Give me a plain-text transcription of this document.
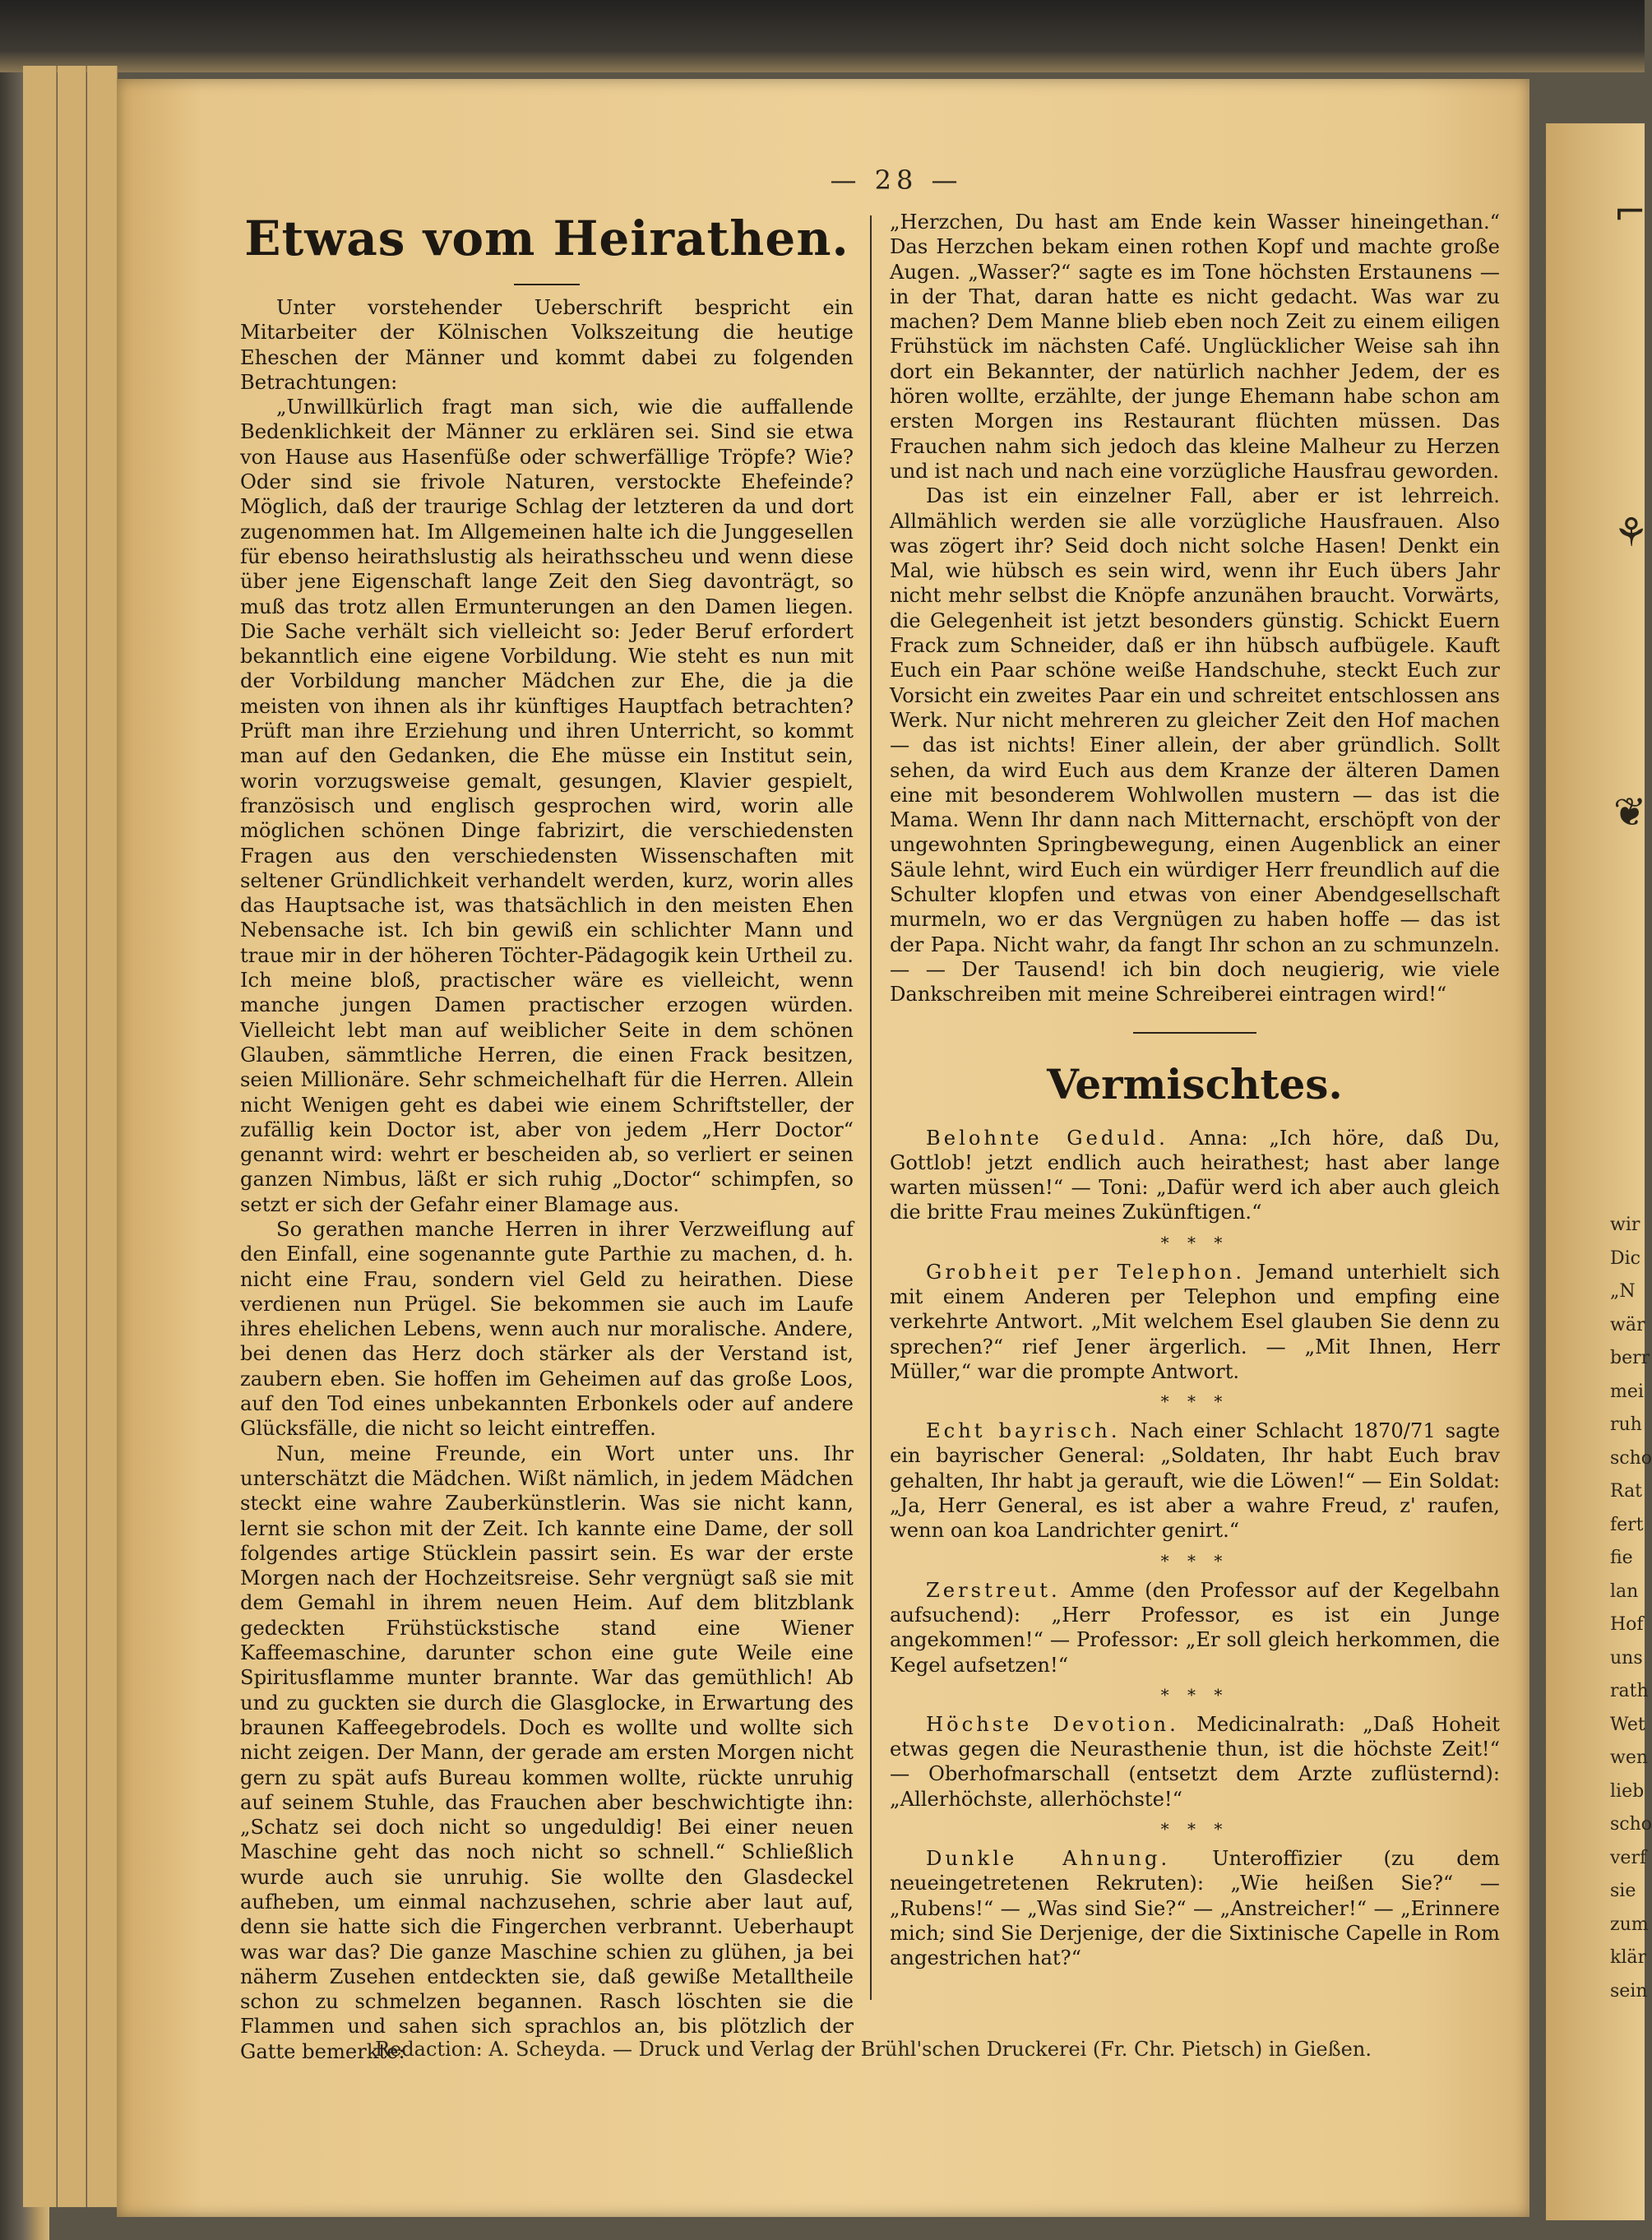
⌐
⚘
❦
— 28 —
Etwas vom Heirathen.

Unter vorstehender Ueberschrift bespricht ein Mitarbeiter der Kölnischen Volkszeitung die heutige Eheschen der Männer und kommt dabei zu folgenden Betrachtungen:

„Unwillkürlich fragt man sich, wie die auffallende Bedenklichkeit der Männer zu erklären sei. Sind sie etwa von Hause aus Hasenfüße oder schwerfällige Tröpfe? Wie? Oder sind sie frivole Naturen, verstockte Ehefeinde? Möglich, daß der traurige Schlag der letzteren da und dort zugenommen hat. Im Allgemeinen halte ich die Junggesellen für ebenso heirathslustig als heirathsscheu und wenn diese über jene Eigenschaft lange Zeit den Sieg davonträgt, so muß das trotz allen Ermunterungen an den Damen liegen. Die Sache verhält sich vielleicht so: Jeder Beruf erfordert bekanntlich eine eigene Vorbildung. Wie steht es nun mit der Vorbildung mancher Mädchen zur Ehe, die ja die meisten von ihnen als ihr künftiges Hauptfach betrachten? Prüft man ihre Erziehung und ihren Unterricht, so kommt man auf den Gedanken, die Ehe müsse ein Institut sein, worin vorzugsweise gemalt, gesungen, Klavier gespielt, französisch und englisch gesprochen wird, worin alle möglichen schönen Dinge fabrizirt, die verschiedensten Fragen aus den verschiedensten Wissenschaften mit seltener Gründlichkeit verhandelt werden, kurz, worin alles das Hauptsache ist, was thatsächlich in den meisten Ehen Nebensache ist. Ich bin gewiß ein schlichter Mann und traue mir in der höheren Töchter-Pädagogik kein Urtheil zu. Ich meine bloß, practischer wäre es vielleicht, wenn manche jungen Damen practischer erzogen würden. Vielleicht lebt man auf weiblicher Seite in dem schönen Glauben, sämmtliche Herren, die einen Frack besitzen, seien Millionäre. Sehr schmeichelhaft für die Herren. Allein nicht Wenigen geht es dabei wie einem Schriftsteller, der zufällig kein Doctor ist, aber von jedem „Herr Doctor“ genannt wird: wehrt er bescheiden ab, so verliert er seinen ganzen Nimbus, läßt er sich ruhig „Doctor“ schimpfen, so setzt er sich der Gefahr einer Blamage aus.

So gerathen manche Herren in ihrer Verzweiflung auf den Einfall, eine sogenannte gute Parthie zu machen, d. h. nicht eine Frau, sondern viel Geld zu heirathen. Diese verdienen nun Prügel. Sie bekommen sie auch im Laufe ihres ehelichen Lebens, wenn auch nur moralische. Andere, bei denen das Herz doch stärker als der Verstand ist, zaubern eben. Sie hoffen im Geheimen auf das große Loos, auf den Tod eines unbekannten Erbonkels oder auf andere Glücksfälle, die nicht so leicht eintreffen.

Nun, meine Freunde, ein Wort unter uns. Ihr unterschätzt die Mädchen. Wißt nämlich, in jedem Mädchen steckt eine wahre Zauberkünstlerin. Was sie nicht kann, lernt sie schon mit der Zeit. Ich kannte eine Dame, der soll folgendes artige Stücklein passirt sein. Es war der erste Morgen nach der Hochzeitsreise. Sehr vergnügt saß sie mit dem Gemahl in ihrem neuen Heim. Auf dem blitzblank gedeckten Frühstückstische stand eine Wiener Kaffeemaschine, darunter schon eine gute Weile eine Spiritusflamme munter brannte. War das gemüthlich! Ab und zu guckten sie durch die Glasglocke, in Erwartung des braunen Kaffeegebrodels. Doch es wollte und wollte sich nicht zeigen. Der Mann, der gerade am ersten Morgen nicht gern zu spät aufs Bureau kommen wollte, rückte unruhig auf seinem Stuhle, das Frauchen aber beschwichtigte ihn: „Schatz sei doch nicht so ungeduldig! Bei einer neuen Maschine geht das noch nicht so schnell.“ Schließlich wurde auch sie unruhig. Sie wollte den Glasdeckel aufheben, um einmal nachzusehen, schrie aber laut auf, denn sie hatte sich die Fingerchen verbrannt. Ueberhaupt was war das? Die ganze Maschine schien zu glühen, ja bei näherm Zusehen entdeckten sie, daß gewiße Metalltheile schon zu schmelzen begannen. Rasch löschten sie die Flammen und sahen sich sprachlos an, bis plötzlich der Gatte bemerkte:

„Herzchen, Du hast am Ende kein Wasser hineingethan.“ Das Herzchen bekam einen rothen Kopf und machte große Augen. „Wasser?“ sagte es im Tone höchsten Erstaunens — in der That, daran hatte es nicht gedacht. Was war zu machen? Dem Manne blieb eben noch Zeit zu einem eiligen Frühstück im nächsten Café. Unglücklicher Weise sah ihn dort ein Bekannter, der natürlich nachher Jedem, der es hören wollte, erzählte, der junge Ehemann habe schon am ersten Morgen ins Restaurant flüchten müssen. Das Frauchen nahm sich jedoch das kleine Malheur zu Herzen und ist nach und nach eine vorzügliche Hausfrau geworden.

Das ist ein einzelner Fall, aber er ist lehrreich. Allmählich werden sie alle vorzügliche Hausfrauen. Also was zögert ihr? Seid doch nicht solche Hasen! Denkt ein Mal, wie hübsch es sein wird, wenn ihr Euch übers Jahr nicht mehr selbst die Knöpfe anzunähen braucht. Vorwärts, die Gelegenheit ist jetzt besonders günstig. Schickt Euern Frack zum Schneider, daß er ihn hübsch aufbügele. Kauft Euch ein Paar schöne weiße Handschuhe, steckt Euch zur Vorsicht ein zweites Paar ein und schreitet entschlossen ans Werk. Nur nicht mehreren zu gleicher Zeit den Hof machen — das ist nichts! Einer allein, der aber gründlich. Sollt sehen, da wird Euch aus dem Kranze der älteren Damen eine mit besonderem Wohlwollen mustern — das ist die Mama. Wenn Ihr dann nach Mitternacht, erschöpft von der ungewohnten Springbewegung, einen Augenblick an einer Säule lehnt, wird Euch ein würdiger Herr freundlich auf die Schulter klopfen und etwas von einer Abendgesellschaft murmeln, wo er das Vergnügen zu haben hoffe — das ist der Papa. Nicht wahr, da fangt Ihr schon an zu schmunzeln. — — Der Tausend! ich bin doch neugierig, wie viele Dankschreiben mit meine Schreiberei eintragen wird!“

Vermischtes.

Belohnte Geduld. Anna: „Ich höre, daß Du, Gottlob! jetzt endlich auch heirathest; hast aber lange warten müssen!“ — Toni: „Dafür werd ich aber auch gleich die britte Frau meines Zukünftigen.“

* * *

Grobheit per Telephon. Jemand unterhielt sich mit einem Anderen per Telephon und empfing eine verkehrte Antwort. „Mit welchem Esel glauben Sie denn zu sprechen?“ rief Jener ärgerlich. — „Mit Ihnen, Herr Müller,“ war die prompte Antwort.

* * *

Echt bayrisch. Nach einer Schlacht 1870/71 sagte ein bayrischer General: „Soldaten, Ihr habt Euch brav gehalten, Ihr habt ja gerauft, wie die Löwen!“ — Ein Soldat: „Ja, Herr General, es ist aber a wahre Freud, z' raufen, wenn oan koa Landrichter genirt.“

* * *

Zerstreut. Amme (den Professor auf der Kegelbahn aufsuchend): „Herr Professor, es ist ein Junge angekommen!“ — Professor: „Er soll gleich herkommen, die Kegel aufsetzen!“

* * *

Höchste Devotion. Medicinalrath: „Daß Hoheit etwas gegen die Neurasthenie thun, ist die höchste Zeit!“ — Oberhofmarschall (entsetzt dem Arzte zuflüsternd): „Allerhöchste, allerhöchste!“

* * *

Dunkle Ahnung. Unteroffizier (zu dem neueingetretenen Rekruten): „Wie heißen Sie?“ — „Rubens!“ — „Was sind Sie?“ — „Anstreicher!“ — „Erinnere mich; sind Sie Derjenige, der die Sixtinische Capelle in Rom angestrichen hat?“

Redaction: A. Scheyda. — Druck und Verlag der Brühl'schen Druckerei (Fr. Chr. Pietsch) in Gießen.
wir
Dic
„N
wär
berr
mei
ruh
scho
Rat
fert
fie
lan
Hof
uns
rath
Wet
wen
lieb
scho
verf
sie
zum
klär
sein
